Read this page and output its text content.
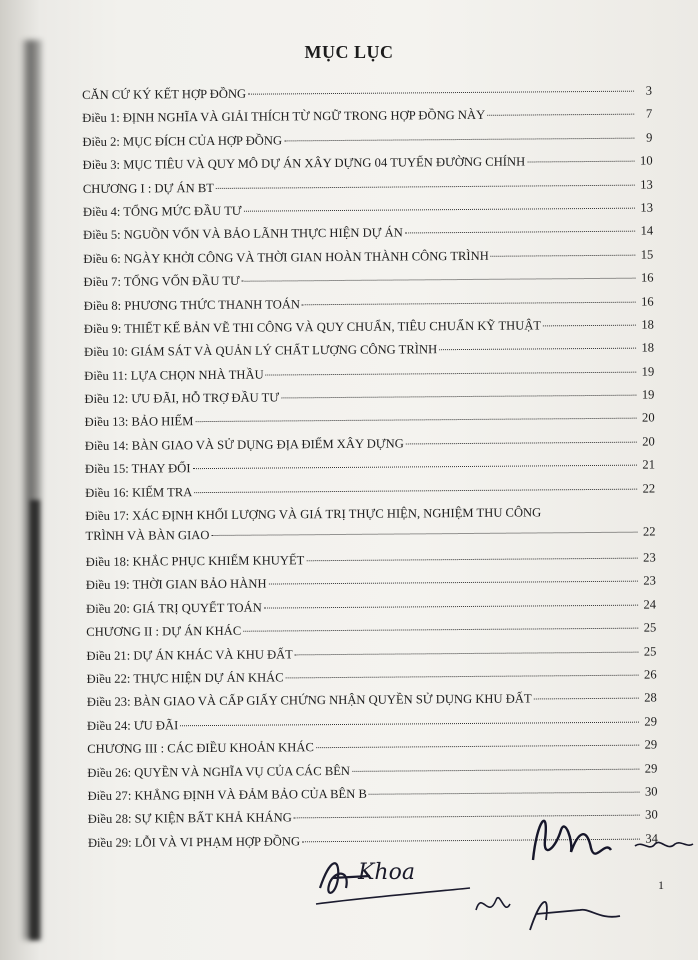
MỤC LỤC
CĂN CỨ KÝ KẾT HỢP ĐỒNG	3
Điều 1: ĐỊNH NGHĨA VÀ GIẢI THÍCH TỪ NGỮ TRONG HỢP ĐỒNG NÀY	7
Điều 2: MỤC ĐÍCH CỦA HỢP ĐỒNG	9
Điều 3: MỤC TIÊU VÀ QUY MÔ DỰ ÁN XÂY DỰNG 04 TUYẾN ĐƯỜNG CHÍNH	10
CHƯƠNG I : DỰ ÁN BT	13
Điều 4: TỔNG MỨC ĐẦU TƯ	13
Điều 5: NGUỒN VỐN VÀ BẢO LÃNH THỰC HIỆN DỰ ÁN	14
Điều 6: NGÀY KHỞI CÔNG VÀ THỜI GIAN HOÀN THÀNH CÔNG TRÌNH	15
Điều 7: TỔNG VỐN ĐẦU TƯ	16
Điều 8: PHƯƠNG THỨC THANH TOÁN	16
Điều 9: THIẾT KẾ BẢN VẼ THI CÔNG VÀ QUY CHUẨN, TIÊU CHUẨN KỸ THUẬT	18
Điều 10: GIÁM SÁT VÀ QUẢN LÝ CHẤT LƯỢNG CÔNG TRÌNH	18
Điều 11: LỰA CHỌN NHÀ THẦU	19
Điều 12: ƯU ĐÃI, HỖ TRỢ ĐẦU TƯ	19
Điều 13: BẢO HIỂM	20
Điều 14: BÀN GIAO VÀ SỬ DỤNG ĐỊA ĐIỂM XÂY DỰNG	20
Điều 15: THAY ĐỔI	21
Điều 16: KIỂM TRA	22
Điều 17: XÁC ĐỊNH KHỐI LƯỢNG VÀ GIÁ TRỊ THỰC HIỆN, NGHIỆM THU CÔNG
TRÌNH VÀ BÀN GIAO	22
Điều 18: KHẮC PHỤC KHIẾM KHUYẾT	23
Điều 19: THỜI GIAN BẢO HÀNH	23
Điều 20: GIÁ TRỊ QUYẾT TOÁN	24
CHƯƠNG II : DỰ ÁN KHÁC	25
Điều 21: DỰ ÁN KHÁC VÀ KHU ĐẤT	25
Điều 22: THỰC HIỆN DỰ ÁN KHÁC	26
Điều 23: BÀN GIAO VÀ CẤP GIẤY CHỨNG NHẬN QUYỀN SỬ DỤNG KHU ĐẤT	28
Điều 24: ƯU ĐÃI	29
CHƯƠNG III : CÁC ĐIỀU KHOẢN KHÁC	29
Điều 26: QUYỀN VÀ NGHĨA VỤ CỦA CÁC BÊN	29
Điều 27: KHẲNG ĐỊNH VÀ ĐẢM BẢO CỦA BÊN B	30
Điều 28: SỰ KIỆN BẤT KHẢ KHÁNG	30
Điều 29: LỖI VÀ VI PHẠM HỢP ĐỒNG	34
Khoa	1
